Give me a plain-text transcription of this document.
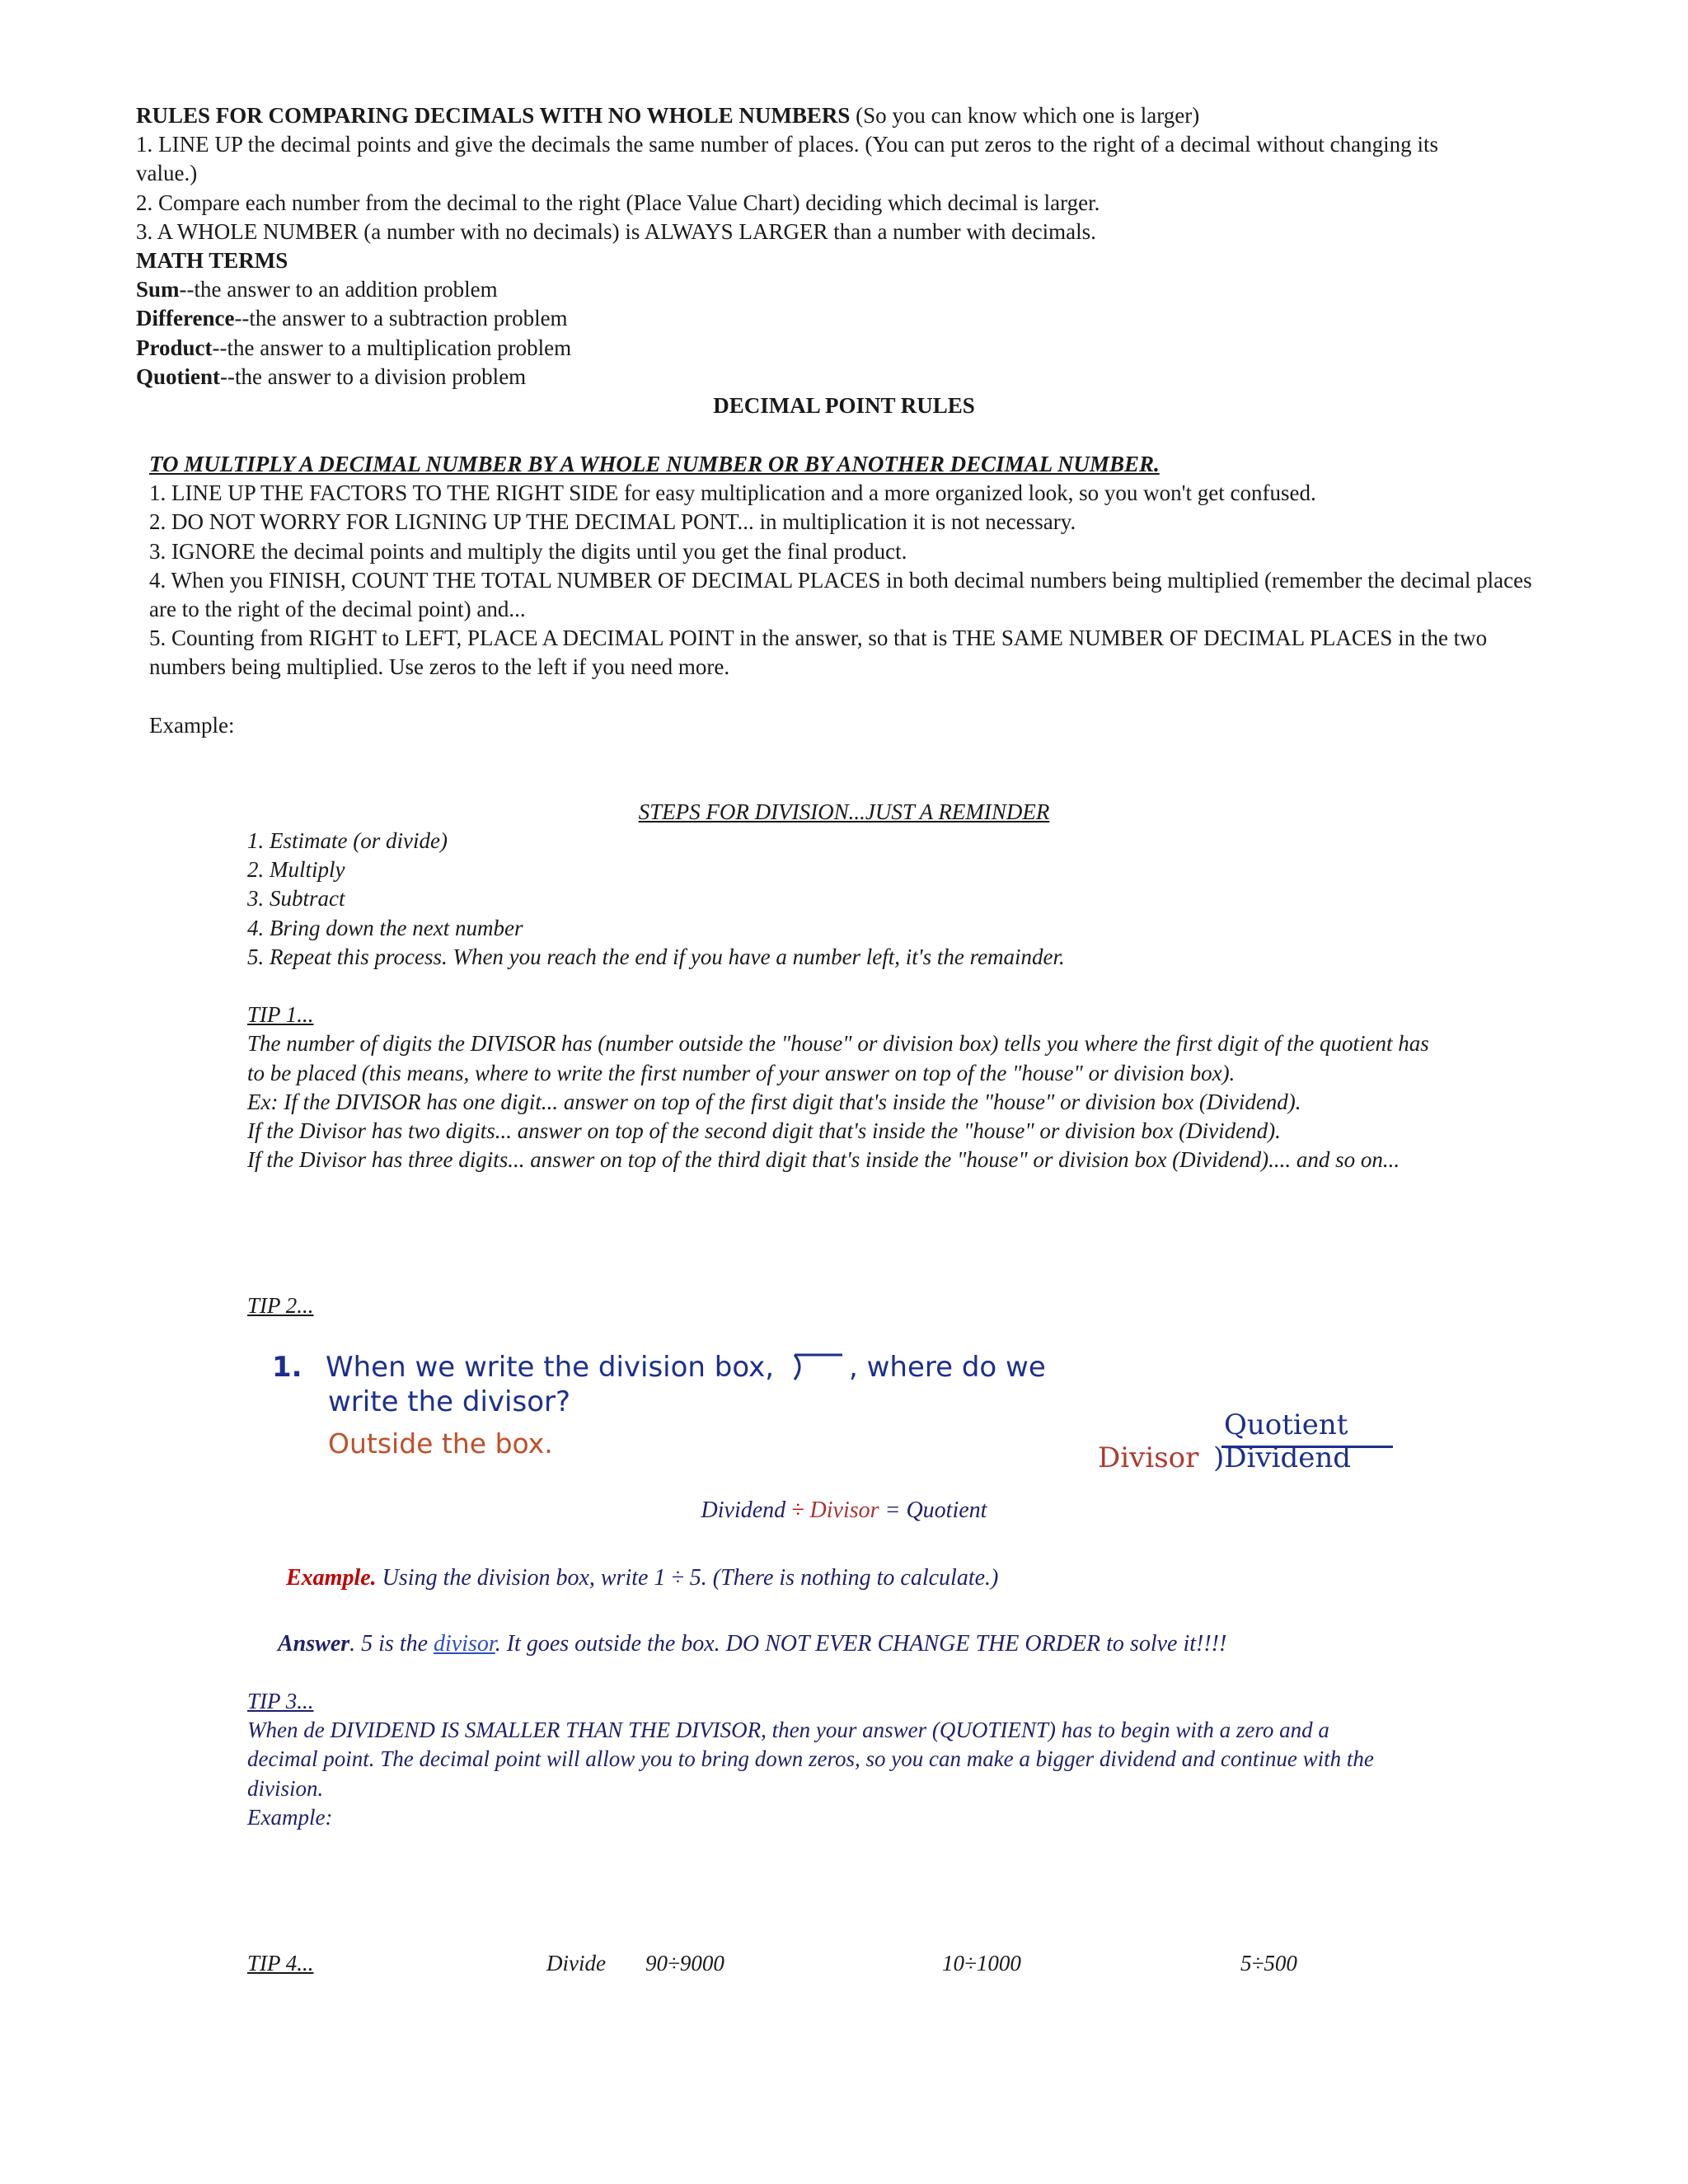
RULES FOR COMPARING DECIMALS WITH NO WHOLE NUMBERS (So you can know which one is larger)

1. LINE UP the decimal points and give the decimals the same number of places. (You can put zeros to the right of a decimal without changing its value.)

2. Compare each number from the decimal to the right (Place Value Chart) deciding which decimal is larger.

3. A WHOLE NUMBER (a number with no decimals) is ALWAYS LARGER than a number with decimals.

MATH TERMS

Sum--the answer to an addition problem

Difference--the answer to a subtraction problem

Product--the answer to a multiplication problem

Quotient--the answer to a division problem

DECIMAL POINT RULES

TO MULTIPLY A DECIMAL NUMBER BY A WHOLE NUMBER OR BY ANOTHER DECIMAL NUMBER.

1. LINE UP THE FACTORS TO THE RIGHT SIDE for easy multiplication and a more organized look, so you won't get confused.

2. DO NOT WORRY FOR LIGNING UP THE DECIMAL PONT... in multiplication it is not necessary.

3. IGNORE the decimal points and multiply the digits until you get the final product.

4. When you FINISH, COUNT THE TOTAL NUMBER OF DECIMAL PLACES in both decimal numbers being multiplied (remember the decimal places are to the right of the decimal point) and...

5. Counting from RIGHT to LEFT, PLACE A DECIMAL POINT in the answer, so that is THE SAME NUMBER OF DECIMAL PLACES in the two numbers being multiplied. Use zeros to the left if you need more.

Example:

STEPS FOR DIVISION...JUST A REMINDER

1. Estimate (or divide)

2. Multiply

3. Subtract

4. Bring down the next number

5. Repeat this process. When you reach the end if you have a number left, it's the remainder.

TIP 1...

The number of digits the DIVISOR has (number outside the "house" or division box) tells you where the first digit of the quotient has to be placed (this means, where to write the first number of your answer on top of the "house" or division box).

Ex: If the DIVISOR has one digit... answer on top of the first digit that's inside the "house" or division box (Dividend).

If the Divisor has two digits... answer on top of the second digit that's inside the "house" or division box (Dividend).

If the Divisor has three digits... answer on top of the third digit that's inside the "house" or division box (Dividend).... and so on...

TIP 2...
1. When we write the division box,	, where do we
write the divisor?
Outside the box.
Quotient
Divisor )Dividend
Dividend ÷ Divisor = Quotient
Example. Using the division box, write 1 ÷ 5. (There is nothing to calculate.)
Answer. 5 is the divisor. It goes outside the box. DO NOT EVER CHANGE THE ORDER to solve it!!!!

TIP 3...

When de DIVIDEND IS SMALLER THAN THE DIVISOR, then your answer (QUOTIENT) has to begin with a zero and a decimal point. The decimal point will allow you to bring down zeros, so you can make a bigger dividend and continue with the division.

Example:

TIP 4...	Divide 90÷9000	10÷1000	5÷500
